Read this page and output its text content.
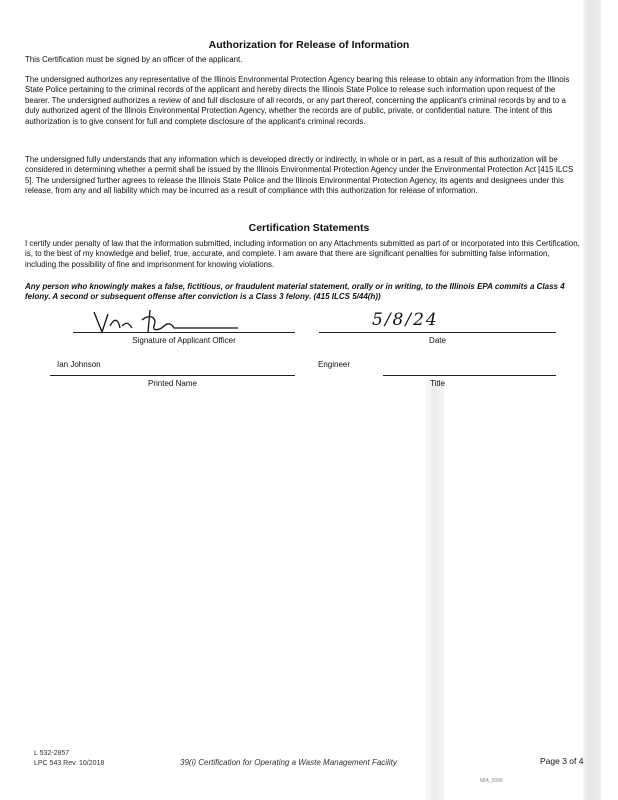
Authorization for Release of Information

This Certification must be signed by an officer of the applicant.

The undersigned authorizes any representative of the Illinois Environmental Protection Agency bearing this release to obtain any information from the Illinois State Police pertaining to the criminal records of the applicant and hereby directs the Illinois State Police to release such information upon request of the bearer. The undersigned authorizes a review of and full disclosure of all records, or any part thereof, concerning the applicant's criminal records by and to a duly authorized agent of the Illinois Environmental Protection Agency, whether the records are of public, private, or confidential nature. The intent of this authorization is to give consent for full and complete disclosure of the applicant's criminal records.

The undersigned fully understands that any information which is developed directly or indirectly, in whole or in part, as a result of this authorization will be considered in determining whether a permit shall be issued by the Illinois Environmental Protection Agency under the Environmental Protection Act [415 ILCS 5]. The undersigned further agrees to release the Illinois State Police and the Illinois Environmental Protection Agency, its agents and designees under this release, from any and all liability which may be incurred as a result of compliance with this authorization for release of information.

Certification Statements

I certify under penalty of law that the information submitted, including information on any Attachments submitted as part of or incorporated into this Certification, is, to the best of my knowledge and belief, true, accurate, and complete. I am aware that there are significant penalties for submitting false information, including the possibility of fine and imprisonment for knowing violations.

Any person who knowingly makes a false, fictitious, or fraudulent material statement, orally or in writing, to the Illinois EPA commits a Class 4 felony. A second or subsequent offense after conviction is a Class 3 felony. (415 ILCS 5/44(h))

Signature of Applicant Officer
5/8/24
Date
Ian Johnson
Printed Name
Engineer
Title
L 532-2857
LPC 543 Rev. 10/2018	39(i) Certification for Operating a Waste Management Facility	Page 3 of 4
MIA_0096
